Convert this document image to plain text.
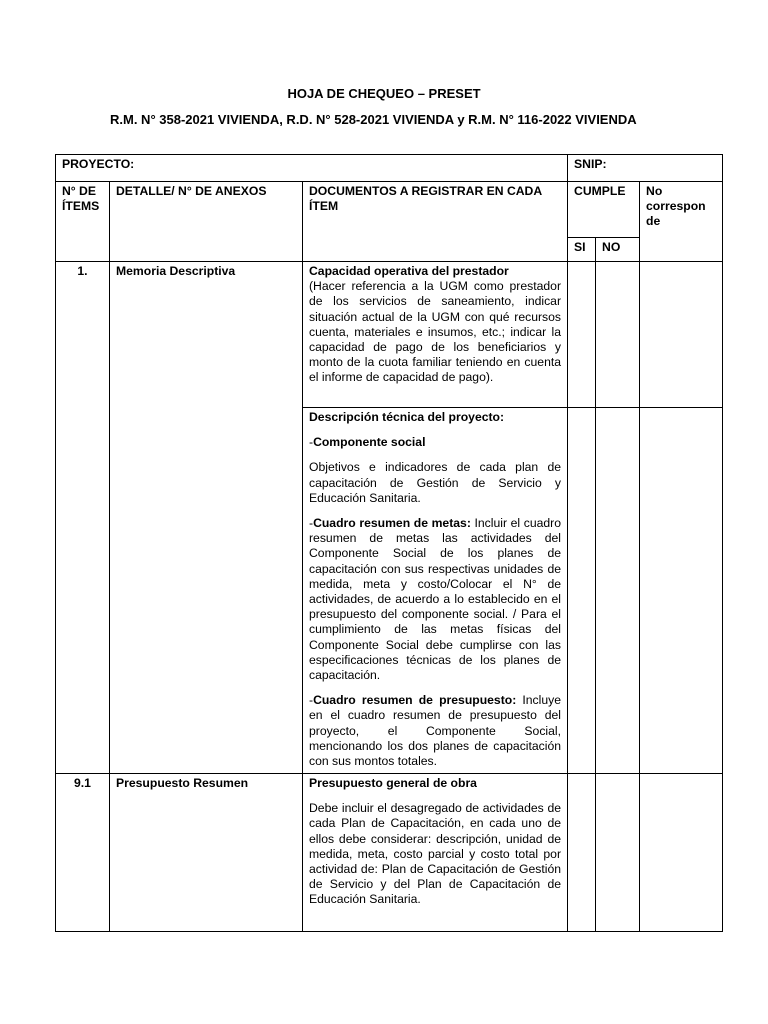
HOJA DE CHEQUEO – PRESET
R.M. N° 358-2021 VIVIENDA, R.D. N° 528-2021 VIVIENDA y R.M. N° 116-2022 VIVIENDA
PROYECTO:			SNIP:		
N° DE ÍTEMS	DETALLE/ N° DE ANEXOS	DOCUMENTOS A REGISTRAR EN CADA ÍTEM	CUMPLE		No correspon de
			SI	NO	
1.	Memoria Descriptiva	Capacidad operativa del prestador
(Hacer referencia a la UGM como prestador de los servicios de saneamiento, indicar situación actual de la UGM con qué recursos cuenta, materiales e insumos, etc.; indicar la capacidad de pago de los beneficiarios y monto de la cuota familiar teniendo en cuenta el informe de capacidad de pago).			

		Descripción técnica del proyecto:
-Componente social
Objetivos e indicadores de cada plan de capacitación de Gestión de Servicio y Educación Sanitaria.
-Cuadro resumen de metas: Incluir el cuadro resumen de metas las actividades del Componente Social de los planes de capacitación con sus respectivas unidades de medida, meta y costo/Colocar el N° de actividades, de acuerdo a lo establecido en el presupuesto del componente social. / Para el cumplimiento de las metas físicas del Componente Social debe cumplirse con las especificaciones técnicas de los planes de capacitación.
-Cuadro resumen de presupuesto: Incluye en el cuadro resumen de presupuesto del proyecto, el Componente Social, mencionando los dos planes de capacitación con sus montos totales.			

9.1	Presupuesto Resumen	Presupuesto general de obra
Debe incluir el desagregado de actividades de cada Plan de Capacitación, en cada uno de ellos debe considerar: descripción, unidad de medida, meta, costo parcial y costo total por actividad de: Plan de Capacitación de Gestión de Servicio y del Plan de Capacitación de Educación Sanitaria.			
